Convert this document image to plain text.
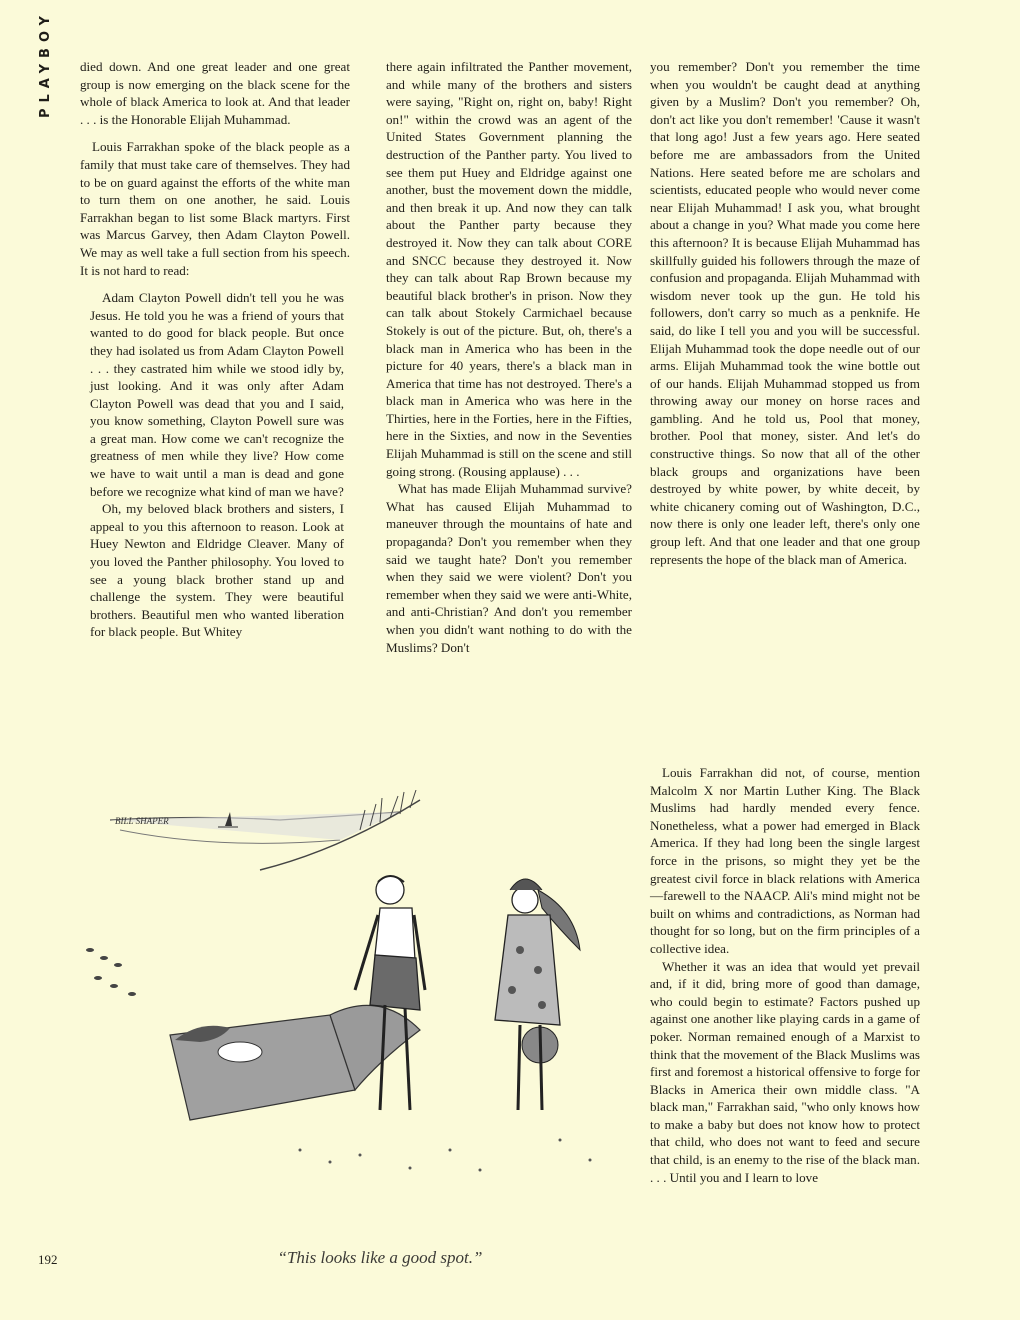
PLAYBOY	died down. And one great leader and one great group is now emerging on the black scene for the whole of black America to look at. And that leader . . . is the Honorable Elijah Muhammad.

Louis Farrakhan spoke of the black people as a family that must take care of themselves. They had to be on guard against the efforts of the white man to turn them on one another, he said. Louis Farrakhan began to list some Black martyrs. First was Marcus Garvey, then Adam Clayton Powell. We may as well take a full section from his speech. It is not hard to read:

Adam Clayton Powell didn't tell you he was Jesus. He told you he was a friend of yours that wanted to do good for black people. But once they had isolated us from Adam Clayton Powell . . . they castrated him while we stood idly by, just looking. And it was only after Adam Clayton Powell was dead that you and I said, you know something, Clayton Powell sure was a great man. How come we can't recognize the greatness of men while they live? How come we have to wait until a man is dead and gone before we recognize what kind of man we have?

Oh, my beloved black brothers and sisters, I appeal to you this afternoon to reason. Look at Huey Newton and Eldridge Cleaver. Many of you loved the Panther philosophy. You loved to see a young black brother stand up and challenge the system. They were beautiful brothers. Beautiful men who wanted liberation for black people. But Whitey

there again infiltrated the Panther movement, and while many of the brothers and sisters were saying, "Right on, right on, baby! Right on!" within the crowd was an agent of the United States Government planning the destruction of the Panther party. You lived to see them put Huey and Eldridge against one another, bust the movement down the middle, and then break it up. And now they can talk about the Panther party because they destroyed it. Now they can talk about CORE and SNCC because they destroyed it. Now they can talk about Rap Brown because my beautiful black brother's in prison. Now they can talk about Stokely Carmichael because Stokely is out of the picture. But, oh, there's a black man in America who has been in the picture for 40 years, there's a black man in America that time has not destroyed. There's a black man in America who was here in the Thirties, here in the Forties, here in the Fifties, here in the Sixties, and now in the Seventies Elijah Muhammad is still on the scene and still going strong. (Rousing applause) . . .

What has made Elijah Muhammad survive? What has caused Elijah Muhammad to maneuver through the mountains of hate and propaganda? Don't you remember when they said we taught hate? Don't you remember when they said we were violent? Don't you remember when they said we were anti-White, and anti-Christian? And don't you remember when you didn't want nothing to do with the Muslims? Don't

you remember? Don't you remember the time when you wouldn't be caught dead at anything given by a Muslim? Don't you remember? Oh, don't act like you don't remember! 'Cause it wasn't that long ago! Just a few years ago. Here seated before me are ambassadors from the United Nations. Here seated before me are scholars and scientists, educated people who would never come near Elijah Muhammad! I ask you, what brought about a change in you? What made you come here this afternoon? It is because Elijah Muhammad has skillfully guided his followers through the maze of confusion and propaganda. Elijah Muhammad with wisdom never took up the gun. He told his followers, don't carry so much as a penknife. He said, do like I tell you and you will be successful. Elijah Muhammad took the dope needle out of our arms. Elijah Muhammad took the wine bottle out of our hands. Elijah Muhammad stopped us from throwing away our money on horse races and gambling. And he told us, Pool that money, brother. Pool that money, sister. And let's do constructive things. So now that all of the other black groups and organizations have been destroyed by white power, by white deceit, by white chicanery coming out of Washington, D.C., now there is only one leader left, there's only one group left. And that one leader and that one group represents the hope of the black man of America.

Louis Farrakhan did not, of course, mention Malcolm X nor Martin Luther King. The Black Muslims had hardly mended every fence. Nonetheless, what a power had emerged in Black America. If they had long been the single largest force in the prisons, so might they yet be the greatest civil force in black relations with America—farewell to the NAACP. Ali's mind might not be built on whims and contradictions, as Norman had thought for so long, but on the firm principles of a collective idea.

Whether it was an idea that would yet prevail and, if it did, bring more of good than damage, who could begin to estimate? Factors pushed up against one another like playing cards in a game of poker. Norman remained enough of a Marxist to think that the movement of the Black Muslims was first and foremost a historical offensive to forge for Blacks in America their own middle class. "A black man," Farrakhan said, "who only knows how to make a baby but does not know how to protect that child, who does not want to feed and secure that child, is an enemy to the rise of the black man. . . . Until you and I learn to love

BILL SHAPER
“This looks like a good spot.”
192
